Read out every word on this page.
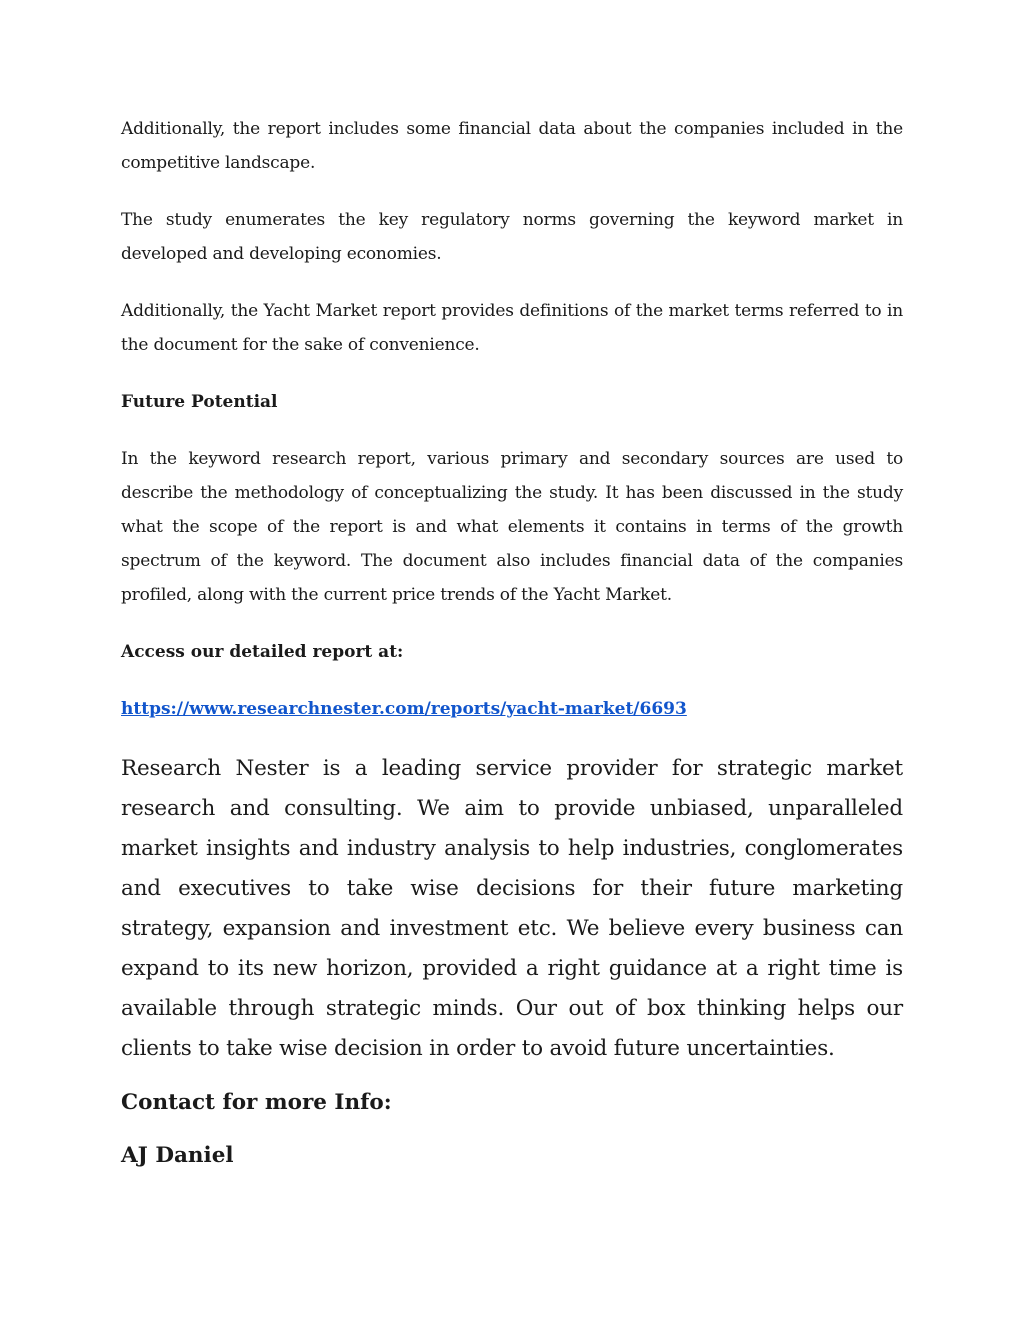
Additionally, the report includes some financial data about the companies included in the competitive landscape.

The study enumerates the key regulatory norms governing the keyword market in developed and developing economies.

Additionally, the Yacht Market report provides definitions of the market terms referred to in the document for the sake of convenience.

Future Potential

In the keyword research report, various primary and secondary sources are used to describe the methodology of conceptualizing the study. It has been discussed in the study what the scope of the report is and what elements it contains in terms of the growth spectrum of the keyword. The document also includes financial data of the companies profiled, along with the current price trends of the Yacht Market.

Access our detailed report at:
https://www.researchnester.com/reports/yacht-market/6693

Research Nester is a leading service provider for strategic market research and consulting. We aim to provide unbiased, unparalleled market insights and industry analysis to help industries, conglomerates and executives to take wise decisions for their future marketing strategy, expansion and investment etc. We believe every business can expand to its new horizon, provided a right guidance at a right time is available through strategic minds. Our out of box thinking helps our clients to take wise decision in order to avoid future uncertainties.

Contact for more Info:
AJ Daniel
